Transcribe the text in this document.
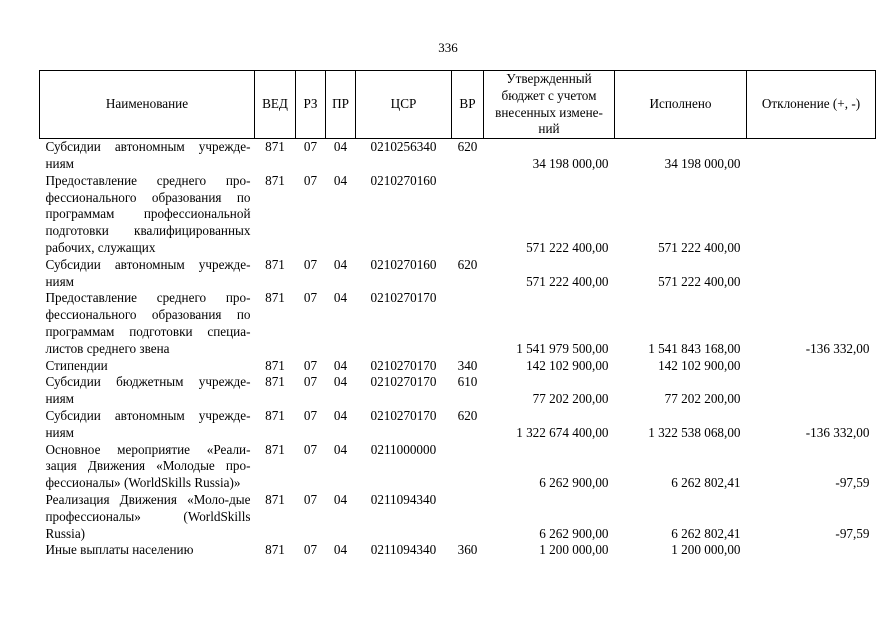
336
Наименование	ВЕД	РЗ	ПР	ЦСР	ВР	Утвержденный бюджет с учетом внесенных измене-ний	Исполнено	Отклонение (+, -)
Субсидии автономным учрежде-ниям	871	07	04	0210256340	620	34 198 000,00	34 198 000,00	
Предоставление среднего про-фессионального образования по программам профессиональной подготовки квалифицированных рабочих, служащих	871	07	04	0210270160		571 222 400,00	571 222 400,00	
Субсидии автономным учрежде-ниям	871	07	04	0210270160	620	571 222 400,00	571 222 400,00	
Предоставление среднего про-фессионального образования по программам подготовки специа-листов среднего звена	871	07	04	0210270170		1 541 979 500,00	1 541 843 168,00	-136 332,00
Стипендии	871	07	04	0210270170	340	142 102 900,00	142 102 900,00	
Субсидии бюджетным учрежде-ниям	871	07	04	0210270170	610	77 202 200,00	77 202 200,00	
Субсидии автономным учрежде-ниям	871	07	04	0210270170	620	1 322 674 400,00	1 322 538 068,00	-136 332,00
Основное мероприятие «Реали-зация Движения «Молодые про-фессионалы» (WorldSkills Russia)»	871	07	04	0211000000		6 262 900,00	6 262 802,41	-97,59
Реализация Движения «Моло-дые профессионалы» (WorldSkills Russia)	871	07	04	0211094340		6 262 900,00	6 262 802,41	-97,59
Иные выплаты населению	871	07	04	0211094340	360	1 200 000,00	1 200 000,00	
